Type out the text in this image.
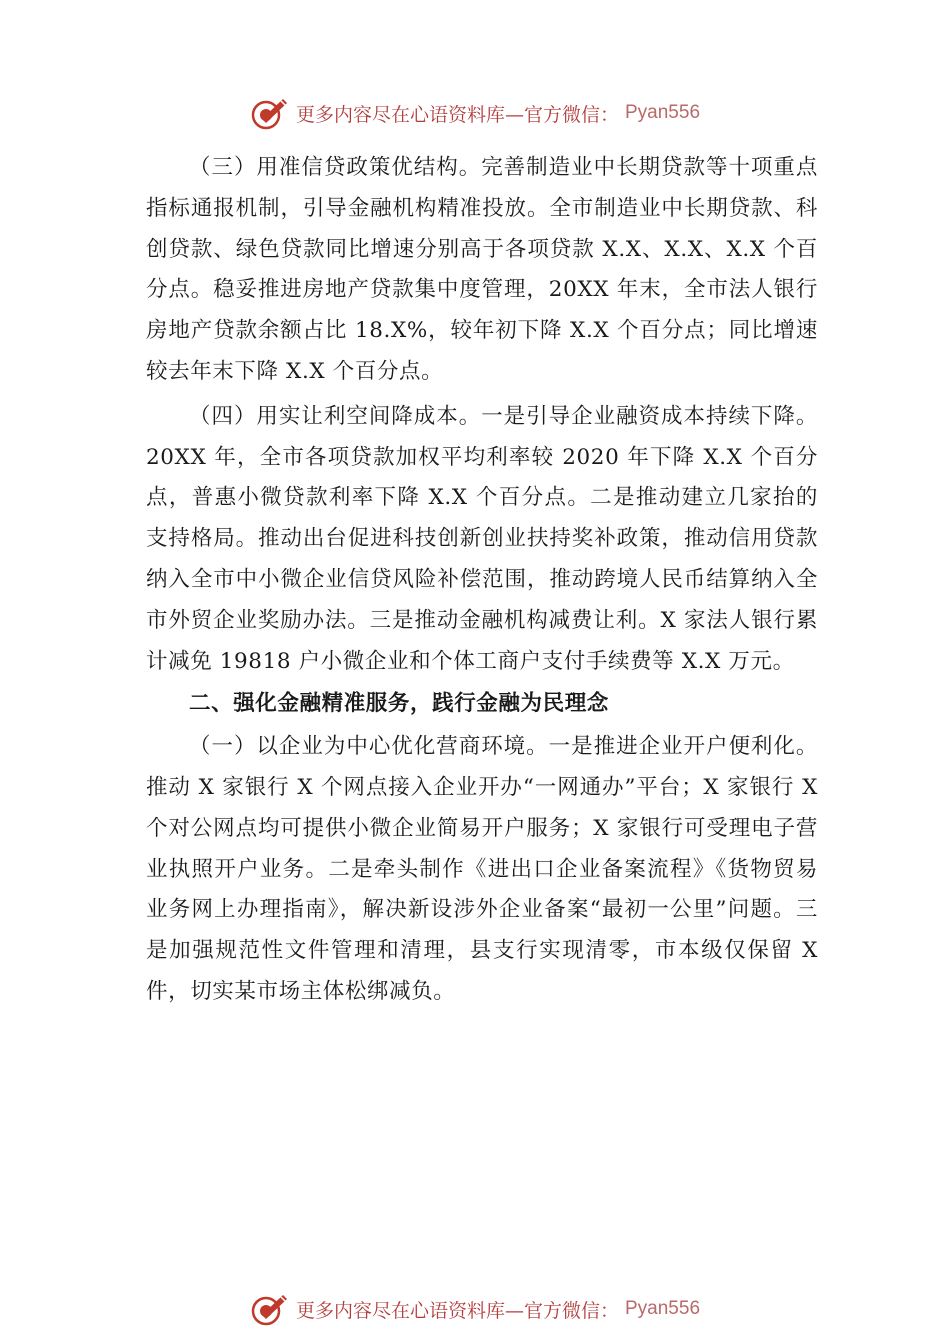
更多内容尽在心语资料库—官方微信： Pyan556

（三）用准信贷政策优结构。完善制造业中长期贷款等十项重点指标通报机制，引导金融机构精准投放。全市制造业中长期贷款、科创贷款、绿色贷款同比增速分别高于各项贷款 X.X、X.X、X.X 个百分点。稳妥推进房地产贷款集中度管理，20XX 年末，全市法人银行房地产贷款余额占比 18.X%，较年初下降 X.X 个百分点；同比增速较去年末下降 X.X 个百分点。

（四）用实让利空间降成本。一是引导企业融资成本持续下降。20XX 年，全市各项贷款加权平均利率较 2020 年下降 X.X 个百分点，普惠小微贷款利率下降 X.X 个百分点。二是推动建立几家抬的支持格局。推动出台促进科技创新创业扶持奖补政策，推动信用贷款纳入全市中小微企业信贷风险补偿范围，推动跨境人民币结算纳入全市外贸企业奖励办法。三是推动金融机构减费让利。X 家法人银行累计减免 19818 户小微企业和个体工商户支付手续费等 X.X 万元。

二、强化金融精准服务，践行金融为民理念

（一）以企业为中心优化营商环境。一是推进企业开户便利化。推动 X 家银行 X 个网点接入企业开办“一网通办”平台；X 家银行 X 个对公网点均可提供小微企业简易开户服务；X 家银行可受理电子营业执照开户业务。二是牵头制作《进出口企业备案流程》《货物贸易业务网上办理指南》，解决新设涉外企业备案“最初一公里”问题。三是加强规范性文件管理和清理，县支行实现清零，市本级仅保留 X 件，切实某市场主体松绑减负。

更多内容尽在心语资料库—官方微信： Pyan556
